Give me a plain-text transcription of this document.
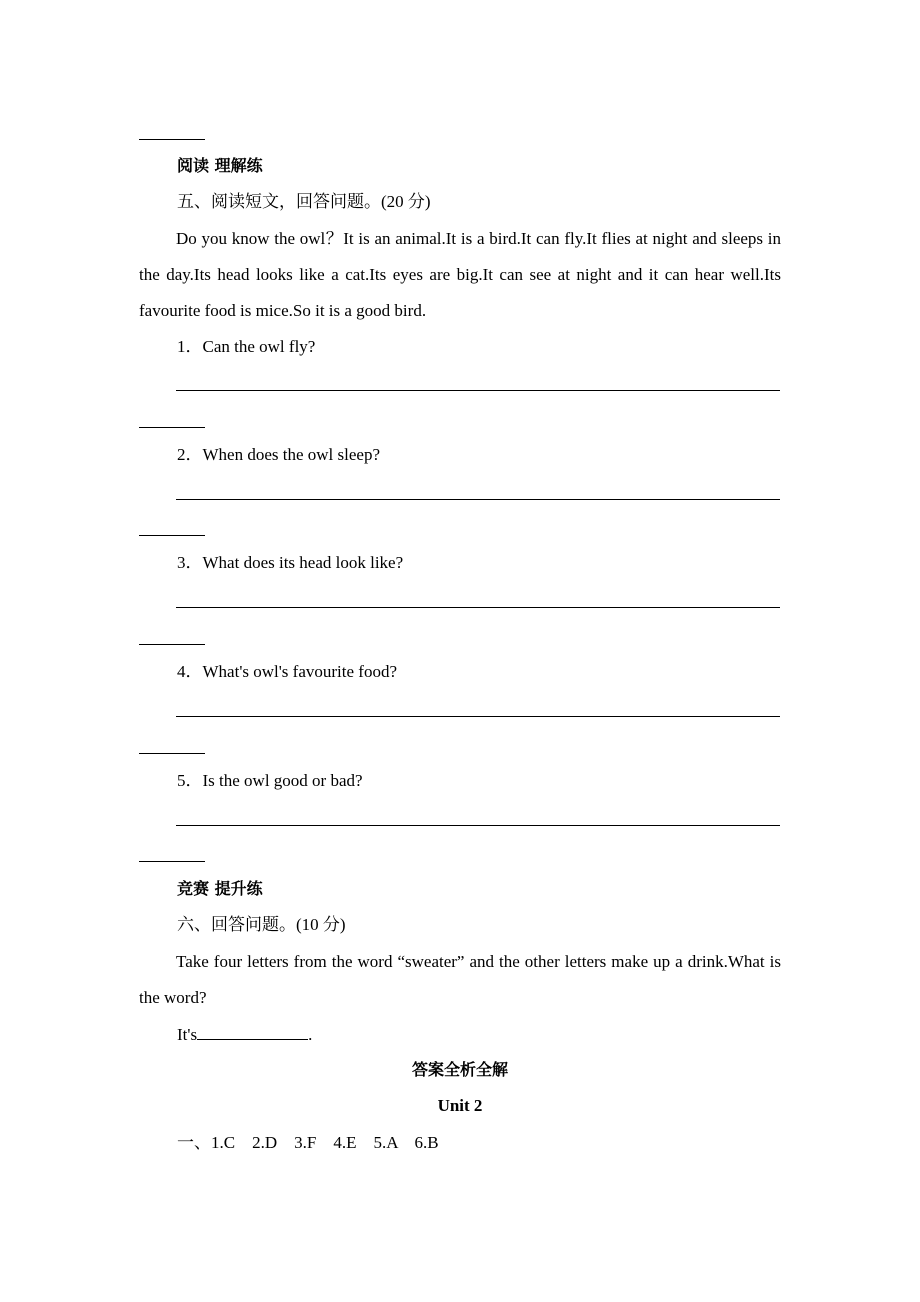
阅读 理解练
五、阅读短文，回答问题。(20 分)
Do you know the owl？It is an animal.It is a bird.It can fly.It flies at night and sleeps in the day.Its head looks like a cat.Its eyes are big.It can see at night and it can hear well.Its favourite food is mice.So it is a good bird.
1．Can the owl fly?
2．When does the owl sleep?
3．What does its head look like?
4．What's owl's favourite food?
5．Is the owl good or bad?
竞赛 提升练
六、回答问题。(10 分)
Take four letters from the word “sweater” and the other letters make up a drink.What is the word?
It's	.
答案全析全解
Unit 2
一、1.C　2.D　3.F　4.E　5.A　6.B
